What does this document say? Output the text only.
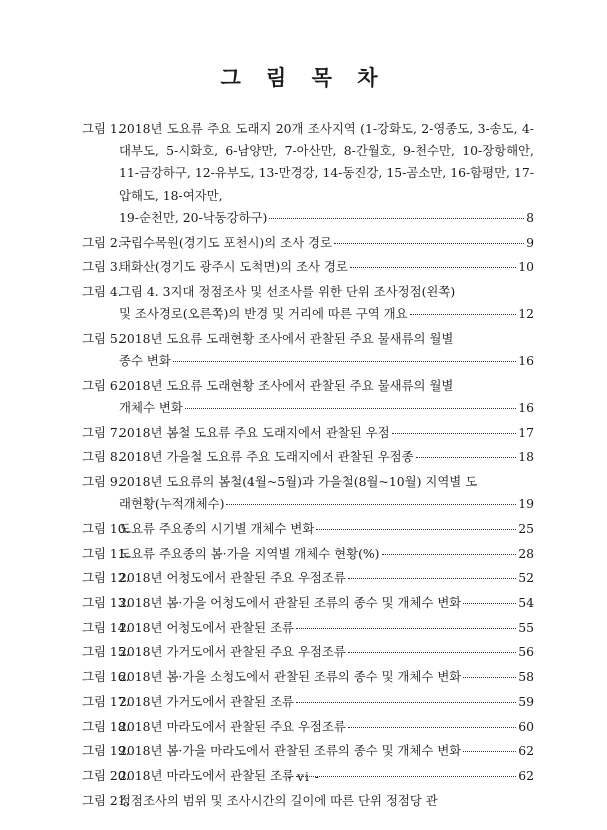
그 림 목 차
그림 1.
2018년 도요류 주요 도래지 20개 조사지역 (1-강화도, 2-영종도, 3-송도, 4-대부도, 5-시화호, 6-남양만, 7-아산만, 8-간월호, 9-천수만, 10-장항해안, 11-금강하구, 12-유부도, 13-만경강, 14-동진강, 15-곰소만, 16-함평만, 17- 압해도, 18-여자만,
19-순천만, 20-낙동강하구)	8
그림 2.
국립수목원(경기도 포천시)의 조사 경로	9
그림 3.
태화산(경기도 광주시 도척면)의 조사 경로	10
그림 4.
그림 4. 3지대 정점조사 및 선조사를 위한 단위 조사정점(왼쪽)
및 조사경로(오른쪽)의 반경 및 거리에 따른 구역 개요	12
그림 5.
2018년 도요류 도래현황 조사에서 관찰된 주요 물새류의 월별
종수 변화	16
그림 6.
2018년 도요류 도래현황 조사에서 관찰된 주요 물새류의 월별
개체수 변화	16
그림 7.
2018년 봄철 도요류 주요 도래지에서 관찰된 우점	17
그림 8.
2018년 가을철 도요류 주요 도래지에서 관찰된 우점종	18
그림 9.
2018년 도요류의 봄철(4월~5월)과 가을철(8월~10월) 지역별 도
래현황(누적개체수)	19
그림 10.
도요류 주요종의 시기별 개체수 변화	25
그림 11.
도요류 주요종의 봄·가을 지역별 개체수 현황(%)	28
그림 12.
2018년 어청도에서 관찰된 주요 우점조류	52
그림 13.
2018년 봄·가을 어청도에서 관찰된 조류의 종수 및 개체수 변화	54
그림 14.
2018년 어청도에서 관찰된 조류	55
그림 15.
2018년 가거도에서 관찰된 주요 우점조류	56
그림 16.
2018년 봄·가을 소청도에서 관찰된 조류의 종수 및 개체수 변화	58
그림 17.
2018년 가거도에서 관찰된 조류	59
그림 18.
2018년 마라도에서 관찰된 주요 우점조류	60
그림 19.
2018년 봄·가을 마라도에서 관찰된 조류의 종수 및 개체수 변화	62
그림 20.
2018년 마라도에서 관찰된 조류	62
그림 21.
정점조사의 범위 및 조사시간의 길이에 따른 단위 정점당 관
- vi -
